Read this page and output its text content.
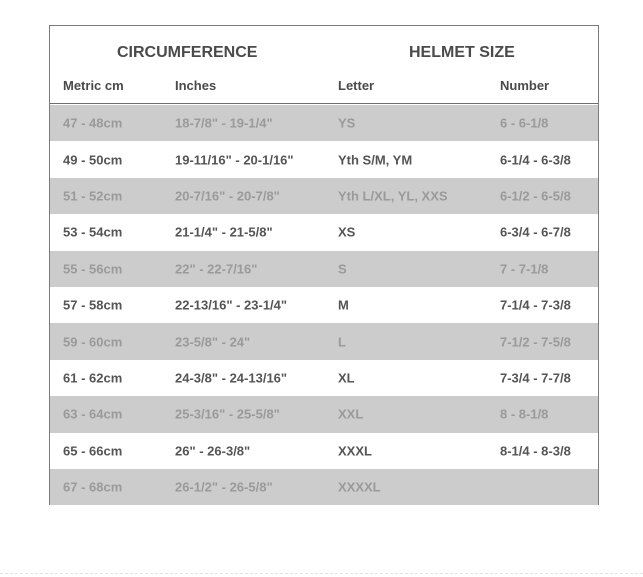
CIRCUMFERENCE	HELMET SIZE
Metric cm	Inches	Letter	Number
47 - 48cm	18-7/8" - 19-1/4"	YS	6 - 6-1/8
49 - 50cm	19-11/16" - 20-1/16"	Yth S/M, YM	6-1/4 - 6-3/8
51 - 52cm	20-7/16" - 20-7/8"	Yth L/XL, YL, XXS	6-1/2 - 6-5/8
53 - 54cm	21-1/4" - 21-5/8"	XS	6-3/4 - 6-7/8
55 - 56cm	22" - 22-7/16"	S	7 - 7-1/8
57 - 58cm	22-13/16" - 23-1/4"	M	7-1/4 - 7-3/8
59 - 60cm	23-5/8" - 24"	L	7-1/2 - 7-5/8
61 - 62cm	24-3/8" - 24-13/16"	XL	7-3/4 - 7-7/8
63 - 64cm	25-3/16" - 25-5/8"	XXL	8 - 8-1/8
65 - 66cm	26" - 26-3/8"	XXXL	8-1/4 - 8-3/8
67 - 68cm	26-1/2" - 26-5/8"	XXXXL
